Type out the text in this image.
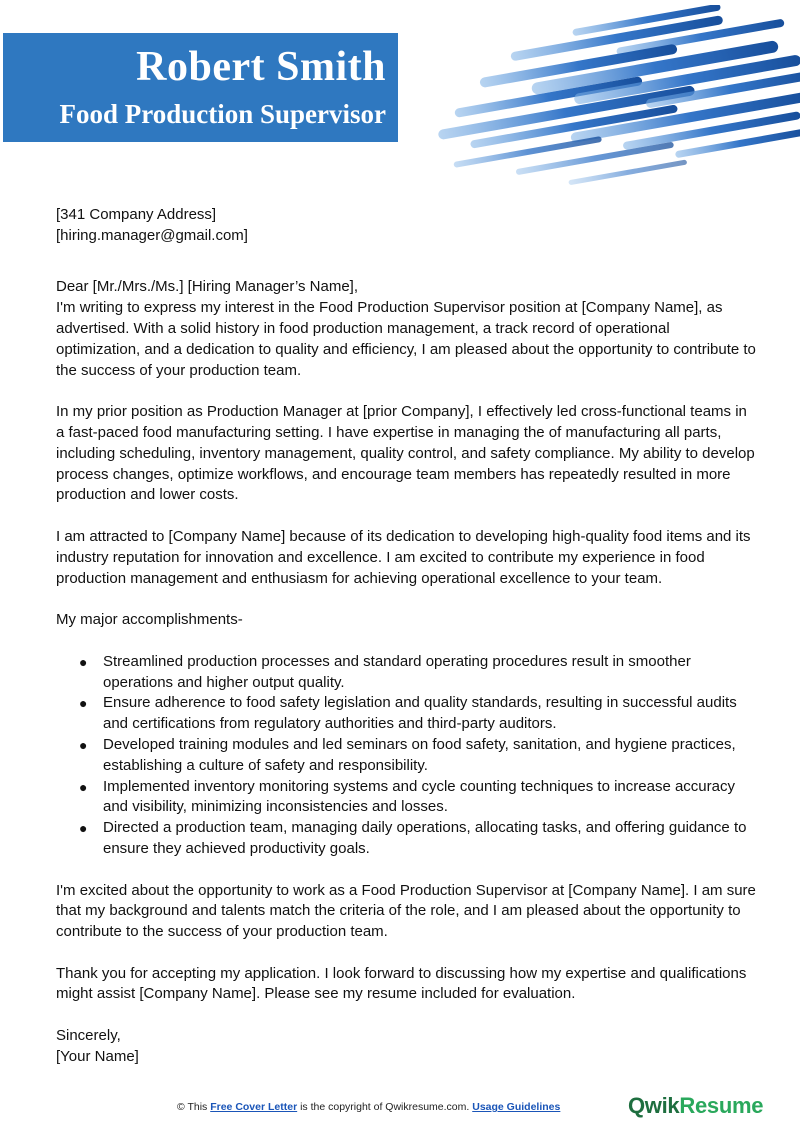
Robert Smith
Food Production Supervisor

[341 Company Address]

[hiring.manager@gmail.com]

Dear [Mr./Mrs./Ms.] [Hiring Manager’s Name],

I'm writing to express my interest in the Food Production Supervisor position at [Company Name], as advertised. With a solid history in food production management, a track record of operational optimization, and a dedication to quality and efficiency, I am pleased about the opportunity to contribute to the success of your production team.

In my prior position as Production Manager at [prior Company], I effectively led cross-functional teams in a fast-paced food manufacturing setting. I have expertise in managing the of manufacturing all parts, including scheduling, inventory management, quality control, and safety compliance. My ability to develop process changes, optimize workflows, and encourage team members has repeatedly resulted in more production and lower costs.

I am attracted to [Company Name] because of its dedication to developing high-quality food items and its industry reputation for innovation and excellence. I am excited to contribute my experience in food production management and enthusiasm for achieving operational excellence to your team.

My major accomplishments-

● Streamlined production processes and standard operating procedures result in smoother operations and higher output quality.
● Ensure adherence to food safety legislation and quality standards, resulting in successful audits and certifications from regulatory authorities and third-party auditors.
● Developed training modules and led seminars on food safety, sanitation, and hygiene practices, establishing a culture of safety and responsibility.
● Implemented inventory monitoring systems and cycle counting techniques to increase accuracy and visibility, minimizing inconsistencies and losses.
● Directed a production team, managing daily operations, allocating tasks, and offering guidance to ensure they achieved productivity goals.

I'm excited about the opportunity to work as a Food Production Supervisor at [Company Name]. I am sure that my background and talents match the criteria of the role, and I am pleased about the opportunity to contribute to the success of your production team.

Thank you for accepting my application. I look forward to discussing how my expertise and qualifications might assist [Company Name]. Please see my resume included for evaluation.

Sincerely,

[Your Name]

© This Free Cover Letter is the copyright of Qwikresume.com. Usage Guidelines	QwikResume
